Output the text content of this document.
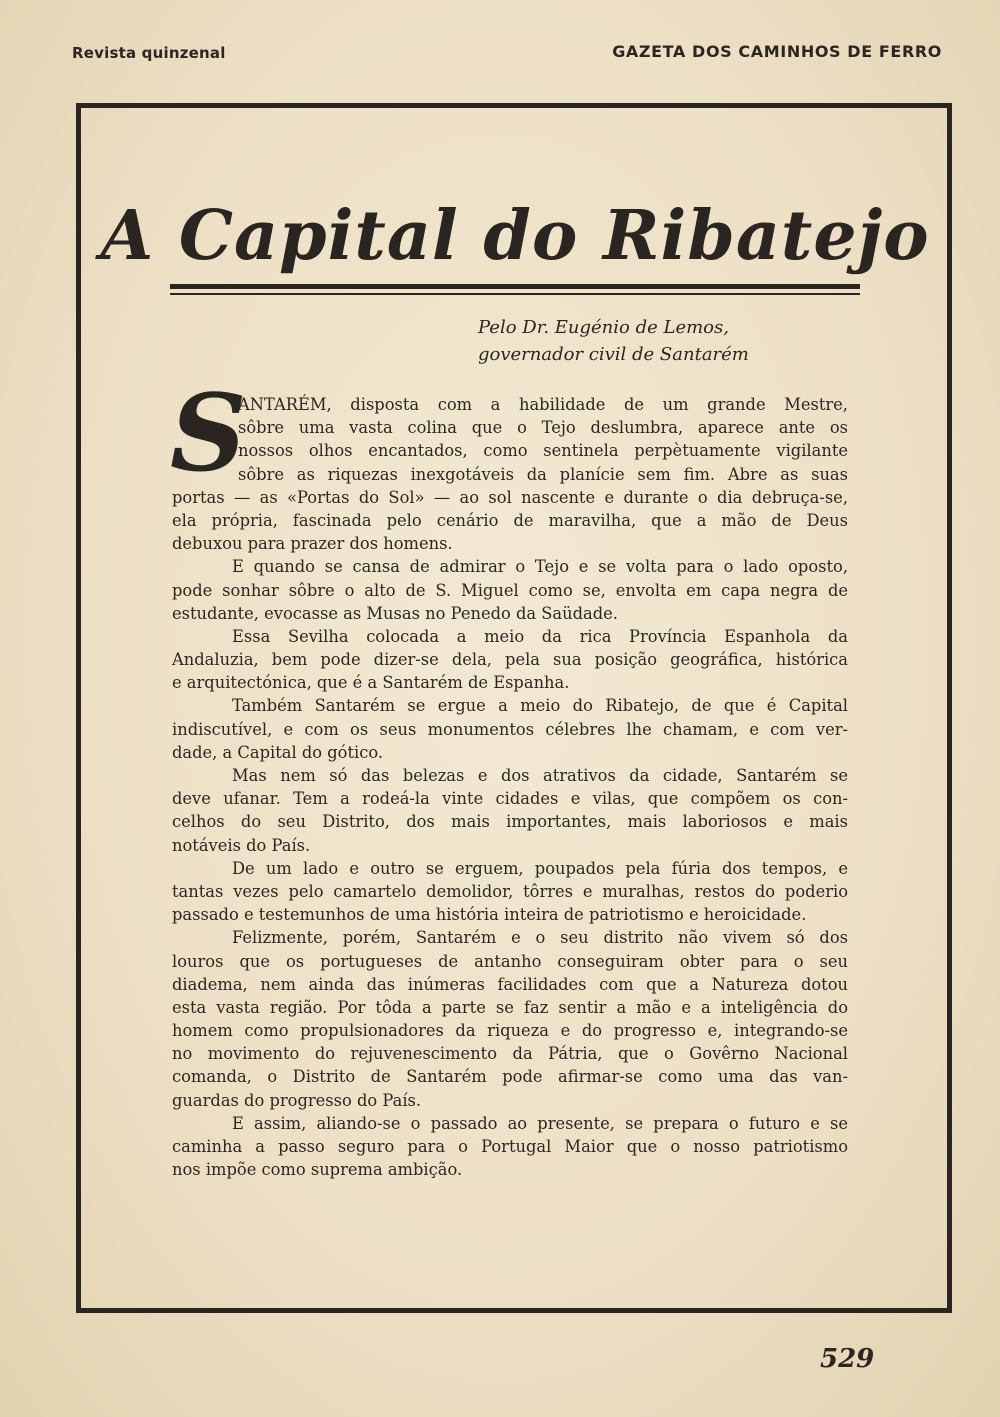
Revista quinzenal	GAZETA DOS CAMINHOS DE FERRO
A Capital do Ribatejo
Pelo Dr. Eugénio de Lemos,
governador civil de Santarém
S
ANTARÉM, disposta com a habilidade de um grande Mestre,
sôbre uma vasta colina que o Tejo deslumbra, aparece ante os
nossos olhos encantados, como sentinela perpètuamente vigilante
sôbre as riquezas inexgotáveis da planície sem fim. Abre as suas
portas — as «Portas do Sol» — ao sol nascente e durante o dia debruça-se,
ela própria, fascinada pelo cenário de maravilha, que a mão de Deus
debuxou para prazer dos homens.
E quando se cansa de admirar o Tejo e se volta para o lado oposto,
pode sonhar sôbre o alto de S. Miguel como se, envolta em capa negra de
estudante, evocasse as Musas no Penedo da Saüdade.
Essa Sevilha colocada a meio da rica Província Espanhola da
Andaluzia, bem pode dizer-se dela, pela sua posição geográfica, histórica
e arquitectónica, que é a Santarém de Espanha.
Também Santarém se ergue a meio do Ribatejo, de que é Capital
indiscutível, e com os seus monumentos célebres lhe chamam, e com ver-
dade, a Capital do gótico.
Mas nem só das belezas e dos atrativos da cidade, Santarém se
deve ufanar. Tem a rodeá-la vinte cidades e vilas, que compõem os con-
celhos do seu Distrito, dos mais importantes, mais laboriosos e mais
notáveis do País.
De um lado e outro se erguem, poupados pela fúria dos tempos, e
tantas vezes pelo camartelo demolidor, tôrres e muralhas, restos do poderio
passado e testemunhos de uma história inteira de patriotismo e heroicidade.
Felizmente, porém, Santarém e o seu distrito não vivem só dos
louros que os portugueses de antanho conseguiram obter para o seu
diadema, nem ainda das inúmeras facilidades com que a Natureza dotou
esta vasta região. Por tôda a parte se faz sentir a mão e a inteligência do
homem como propulsionadores da riqueza e do progresso e, integrando-se
no movimento do rejuvenescimento da Pátria, que o Govêrno Nacional
comanda, o Distrito de Santarém pode afirmar-se como uma das van-
guardas do progresso do País.
E assim, aliando-se o passado ao presente, se prepara o futuro e se
caminha a passo seguro para o Portugal Maior que o nosso patriotismo
nos impõe como suprema ambição.
529
